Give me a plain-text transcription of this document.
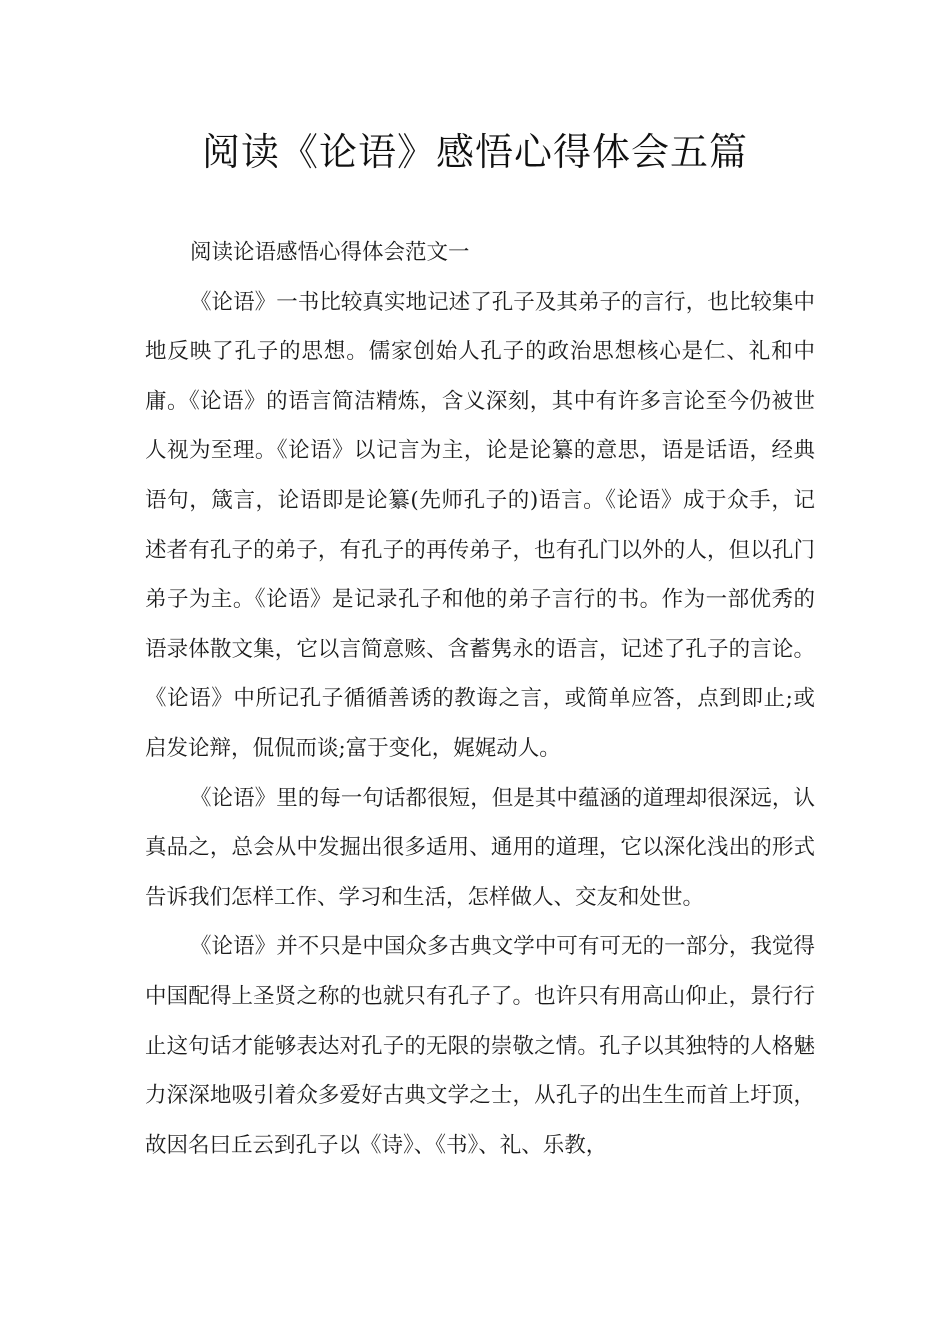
阅读《论语》感悟心得体会五篇

阅读论语感悟心得体会范文一

《论语》一书比较真实地记述了孔子及其弟子的言行，也比较集中地反映了孔子的思想。儒家创始人孔子的政治思想核心是仁、礼和中庸。《论语》的语言简洁精炼，含义深刻，其中有许多言论至今仍被世人视为至理。《论语》以记言为主，论是论纂的意思，语是话语，经典语句，箴言，论语即是论纂(先师孔子的)语言。《论语》成于众手，记述者有孔子的弟子，有孔子的再传弟子，也有孔门以外的人，但以孔门弟子为主。《论语》是记录孔子和他的弟子言行的书。作为一部优秀的语录体散文集，它以言简意赅、含蓄隽永的语言，记述了孔子的言论。《论语》中所记孔子循循善诱的教诲之言，或简单应答，点到即止;或启发论辩，侃侃而谈;富于变化，娓娓动人。

《论语》里的每一句话都很短，但是其中蕴涵的道理却很深远，认真品之，总会从中发掘出很多适用、通用的道理，它以深化浅出的形式告诉我们怎样工作、学习和生活，怎样做人、交友和处世。

《论语》并不只是中国众多古典文学中可有可无的一部分，我觉得中国配得上圣贤之称的也就只有孔子了。也许只有用高山仰止，景行行止这句话才能够表达对孔子的无限的崇敬之情。孔子以其独特的人格魅力深深地吸引着众多爱好古典文学之士，从孔子的出生生而首上圩顶，故因名曰丘云到孔子以《诗》、《书》、礼、乐教，
